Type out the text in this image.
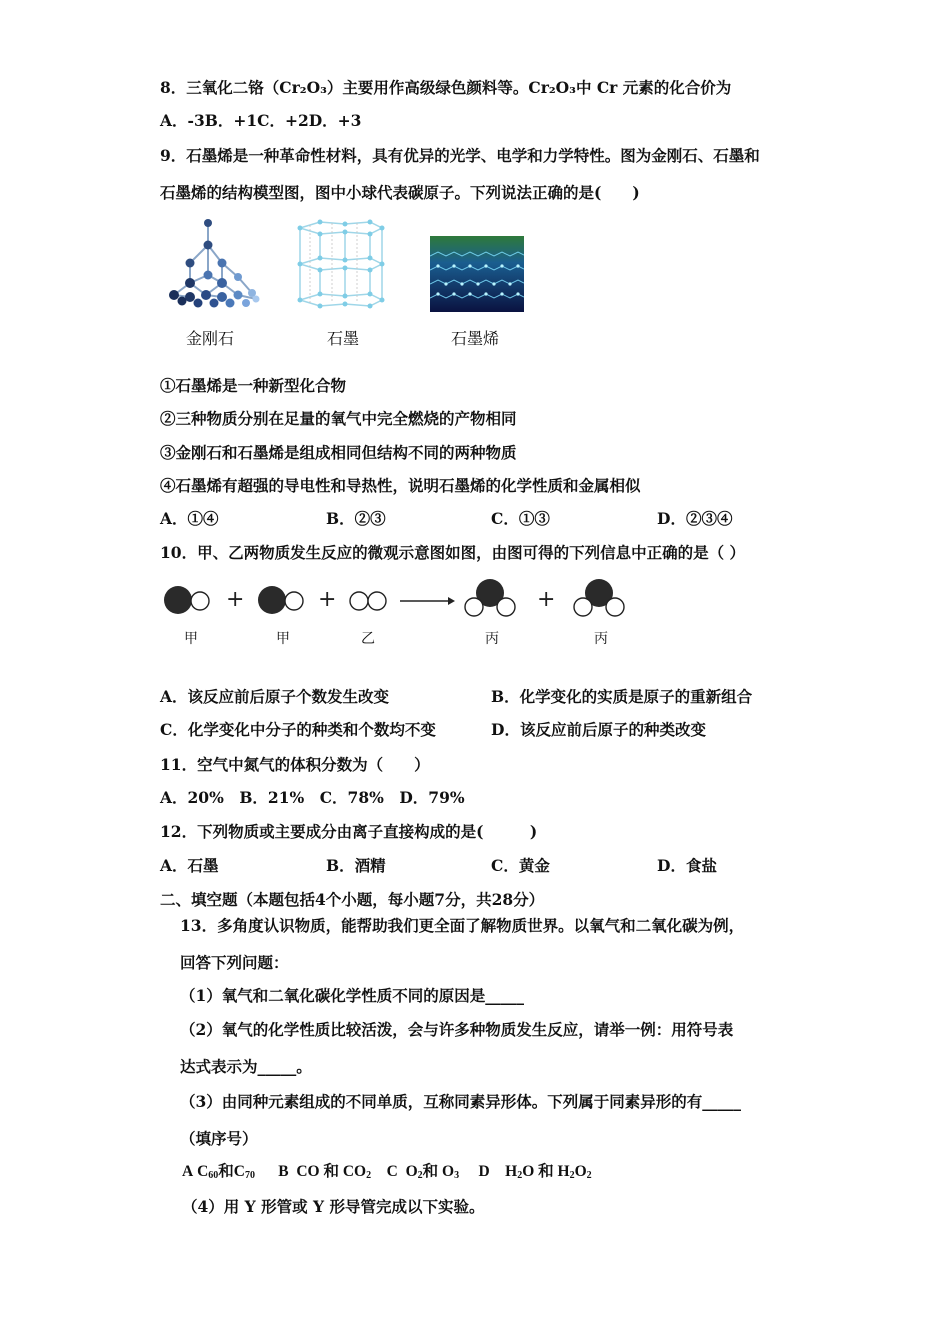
8．三氧化二铬（Cr₂O₃）主要用作高级绿色颜料等。Cr₂O₃中 Cr 元素的化合价为
A．-3B．+1C．+2D．+3
9．石墨烯是一种革命性材料，具有优异的光学、电学和力学特性。图为金刚石、石墨和
石墨烯的结构模型图，图中小球代表碳原子。下列说法正确的是(　　)
金刚石	石墨	石墨烯
①石墨烯是一种新型化合物
②三种物质分别在足量的氧气中完全燃烧的产物相同
③金刚石和石墨烯是组成相同但结构不同的两种物质
④石墨烯有超强的导电性和导热性，说明石墨烯的化学性质和金属相似
A．①④	B．②③	C．①③	D．②③④
10．甲、乙两物质发生反应的微观示意图如图，由图可得的下列信息中正确的是（ ）
+	+	+
甲	甲	乙	丙	丙
A．该反应前后原子个数发生改变	B．化学变化的实质是原子的重新组合
C．化学变化中分子的种类和个数均不变	D．该反应前后原子的种类改变
11．空气中氮气的体积分数为（　　）
A．20%　B．21%　C．78%　D．79%
12．下列物质或主要成分由离子直接构成的是(　　　)
A．石墨	B．酒精	C．黄金	D．食盐
二、填空题（本题包括4个小题，每小题7分，共28分）
13．多角度认识物质，能帮助我们更全面了解物质世界。以氧气和二氧化碳为例，
回答下列问题：
（1）氧气和二氧化碳化学性质不同的原因是_____
（2）氧气的化学性质比较活泼，会与许多种物质发生反应，请举一例：用符号表
达式表示为_____。
（3）由同种元素组成的不同单质，互称同素异形体。下列属于同素异形的有_____
（填序号）
A $C_{60}$和$C_{70}$ B CO 和 $CO_2$ C $O_2$和 $O_3$ D $H_2O$ 和 $H_2O_2$
（4）用 Y 形管或 Y 形导管完成以下实验。
